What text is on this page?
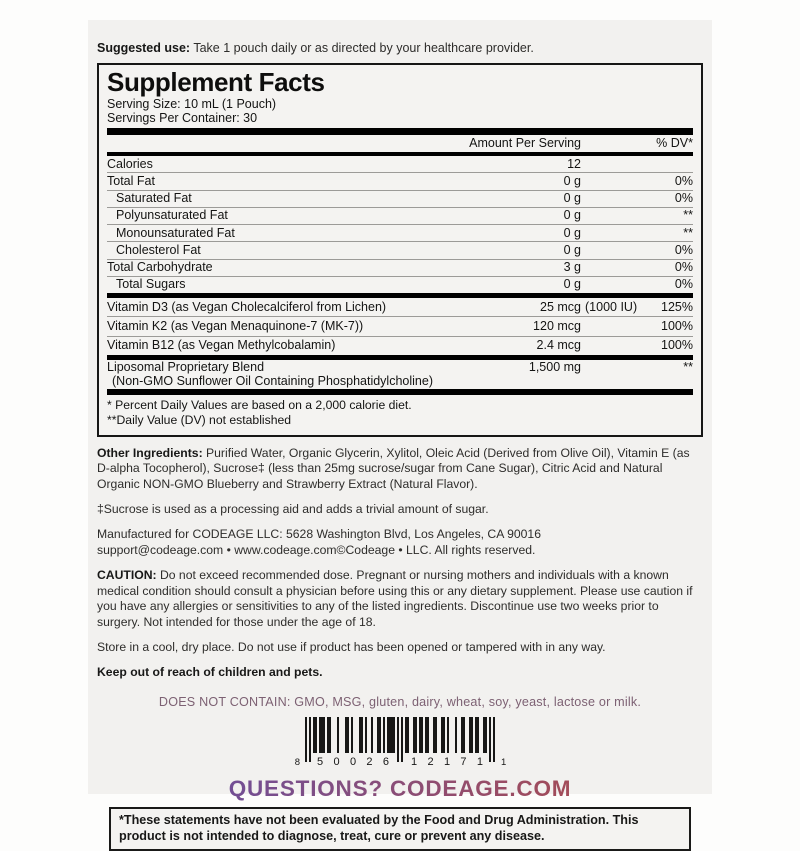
Suggested use: Take 1 pouch daily or as directed by your healthcare provider.

Supplement Facts
Serving Size: 10 mL (1 Pouch)
Servings Per Container: 30
	Amount Per Serving	% DV*
Calories	12	
Total Fat	0 g	0%
Saturated Fat	0 g	0%
Polyunsaturated Fat	0 g	**
Monounsaturated Fat	0 g	**
Cholesterol Fat	0 g	0%
Total Carbohydrate	3 g	0%
Total Sugars	0 g	0%
Vitamin D3 (as Vegan Cholecalciferol from Lichen)	25 mcg (1000 IU)	125%
Vitamin K2 (as Vegan Menaquinone-7 (MK-7))	120 mcg	100%
Vitamin B12 (as Vegan Methylcobalamin)	2.4 mcg	100%
Liposomal Proprietary Blend
(Non-GMO Sunflower Oil Containing Phosphatidylcholine)	1,500 mg	**
* Percent Daily Values are based on a 2,000 calorie diet.
**Daily Value (DV) not established

Other Ingredients: Purified Water, Organic Glycerin, Xylitol, Oleic Acid (Derived from Olive Oil), Vitamin E (as D-alpha Tocopherol), Sucrose‡ (less than 25mg sucrose/sugar from Cane Sugar), Citric Acid and Natural Organic NON-GMO Blueberry and Strawberry Extract (Natural Flavor).

‡Sucrose is used as a processing aid and adds a trivial amount of sugar.

Manufactured for CODEAGE LLC: 5628 Washington Blvd, Los Angeles, CA 90016
support@codeage.com • www.codeage.com©Codeage • LLC. All rights reserved.

CAUTION: Do not exceed recommended dose. Pregnant or nursing mothers and individuals with a known medical condition should consult a physician before using this or any dietary supplement. Please use caution if you have any allergies or sensitivities to any of the listed ingredients. Discontinue use two weeks prior to surgery. Not intended for those under the age of 18.

Store in a cool, dry place. Do not use if product has been opened or tampered with in any way.

Keep out of reach of children and pets.

DOES NOT CONTAIN: GMO, MSG, gluten, dairy, wheat, soy, yeast, lactose or milk.
8 50026 12171 1
QUESTIONS? CODEAGE.COM
*These statements have not been evaluated by the Food and Drug Administration. This product is not intended to diagnose, treat, cure or prevent any disease.
